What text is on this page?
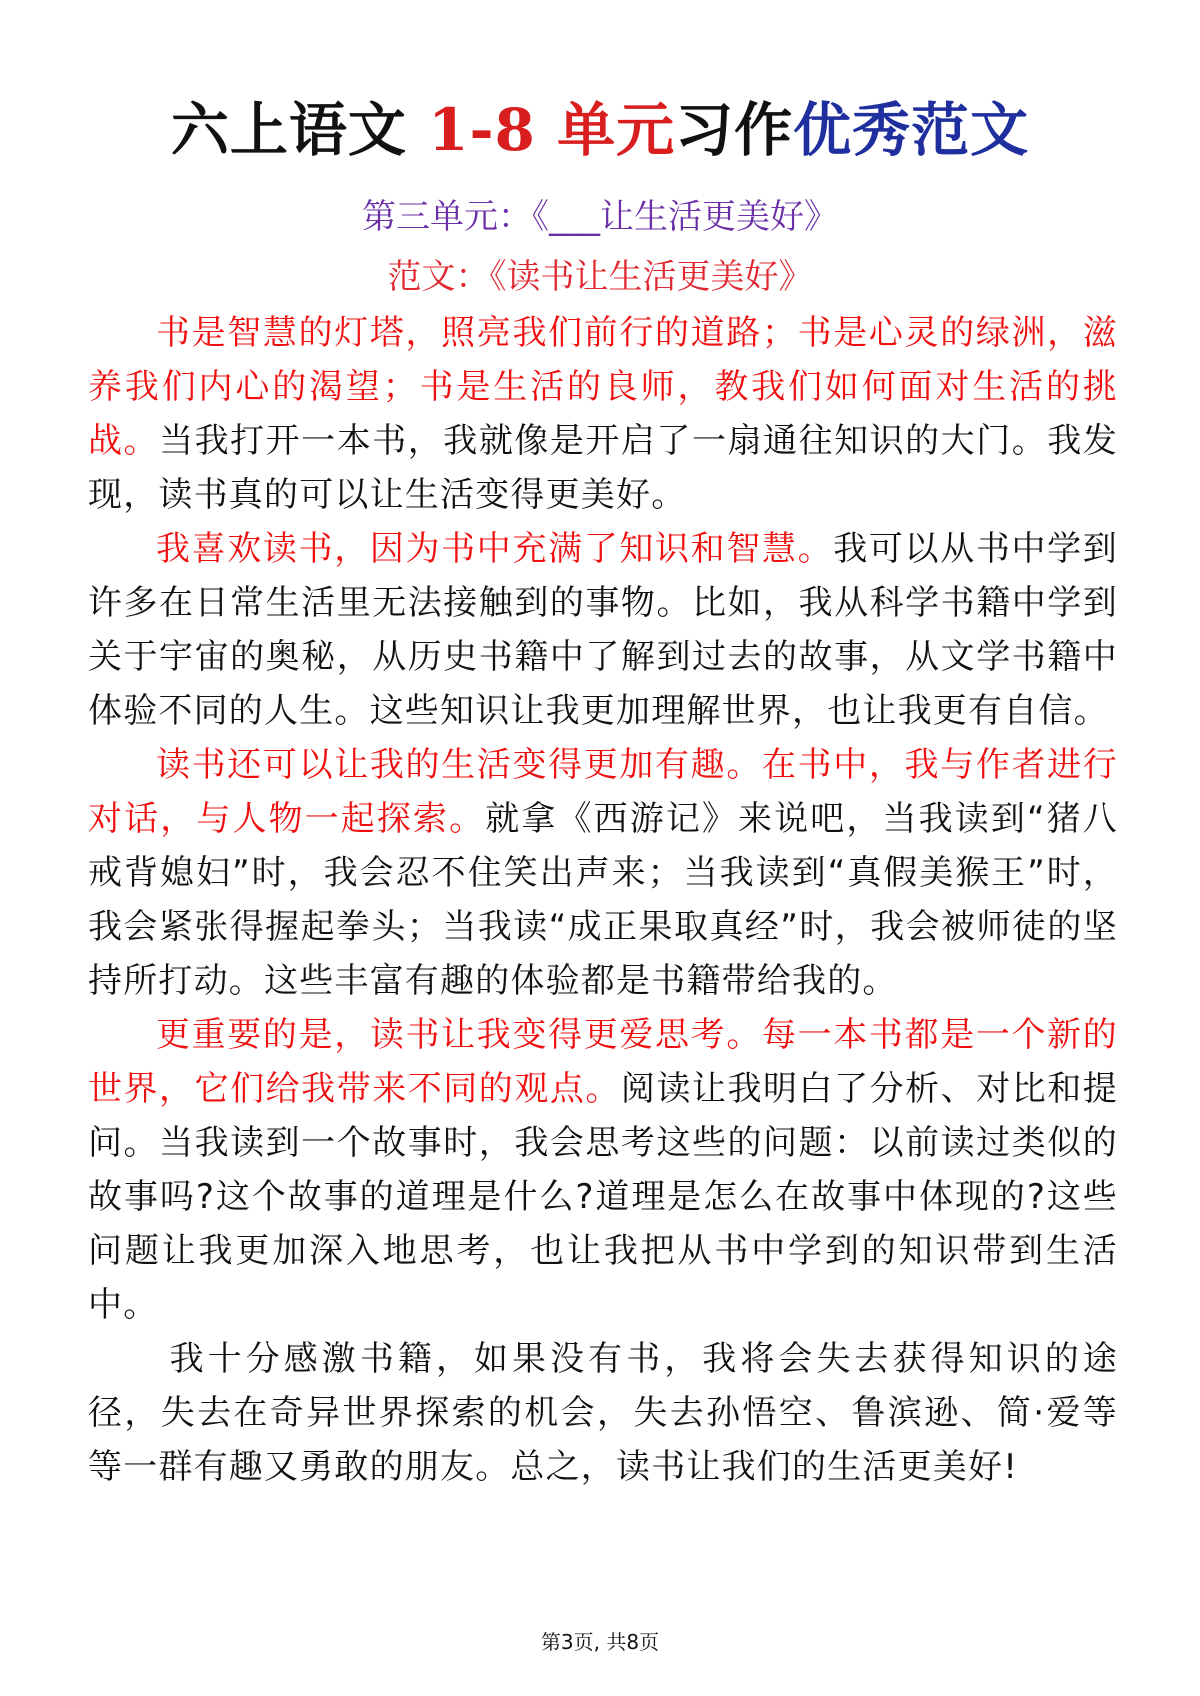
六上语文 1-8 单元习作优秀范文
第三单元：《___让生活更美好》
范文：《读书让生活更美好》

书是智慧的灯塔，照亮我们前行的道路；书是心灵的绿洲，滋养我们内心的渴望；书是生活的良师，教我们如何面对生活的挑战。当我打开一本书，我就像是开启了一扇通往知识的大门。我发现，读书真的可以让生活变得更美好。

我喜欢读书，因为书中充满了知识和智慧。我可以从书中学到许多在日常生活里无法接触到的事物。比如，我从科学书籍中学到关于宇宙的奥秘，从历史书籍中了解到过去的故事，从文学书籍中体验不同的人生。这些知识让我更加理解世界，也让我更有自信。

读书还可以让我的生活变得更加有趣。在书中，我与作者进行对话，与人物一起探索。就拿《西游记》来说吧，当我读到“猪八戒背媳妇”时，我会忍不住笑出声来；当我读到“真假美猴王”时，我会紧张得握起拳头；当我读“成正果取真经”时，我会被师徒的坚持所打动。这些丰富有趣的体验都是书籍带给我的。

更重要的是，读书让我变得更爱思考。每一本书都是一个新的世界，它们给我带来不同的观点。阅读让我明白了分析、对比和提问。当我读到一个故事时，我会思考这些的问题：以前读过类似的故事吗?这个故事的道理是什么?道理是怎么在故事中体现的?这些问题让我更加深入地思考，也让我把从书中学到的知识带到生活中。

我十分感激书籍，如果没有书，我将会失去获得知识的途径，失去在奇异世界探索的机会，失去孙悟空、鲁滨逊、简·爱等等一群有趣又勇敢的朋友。总之，读书让我们的生活更美好!

第3页, 共8页
